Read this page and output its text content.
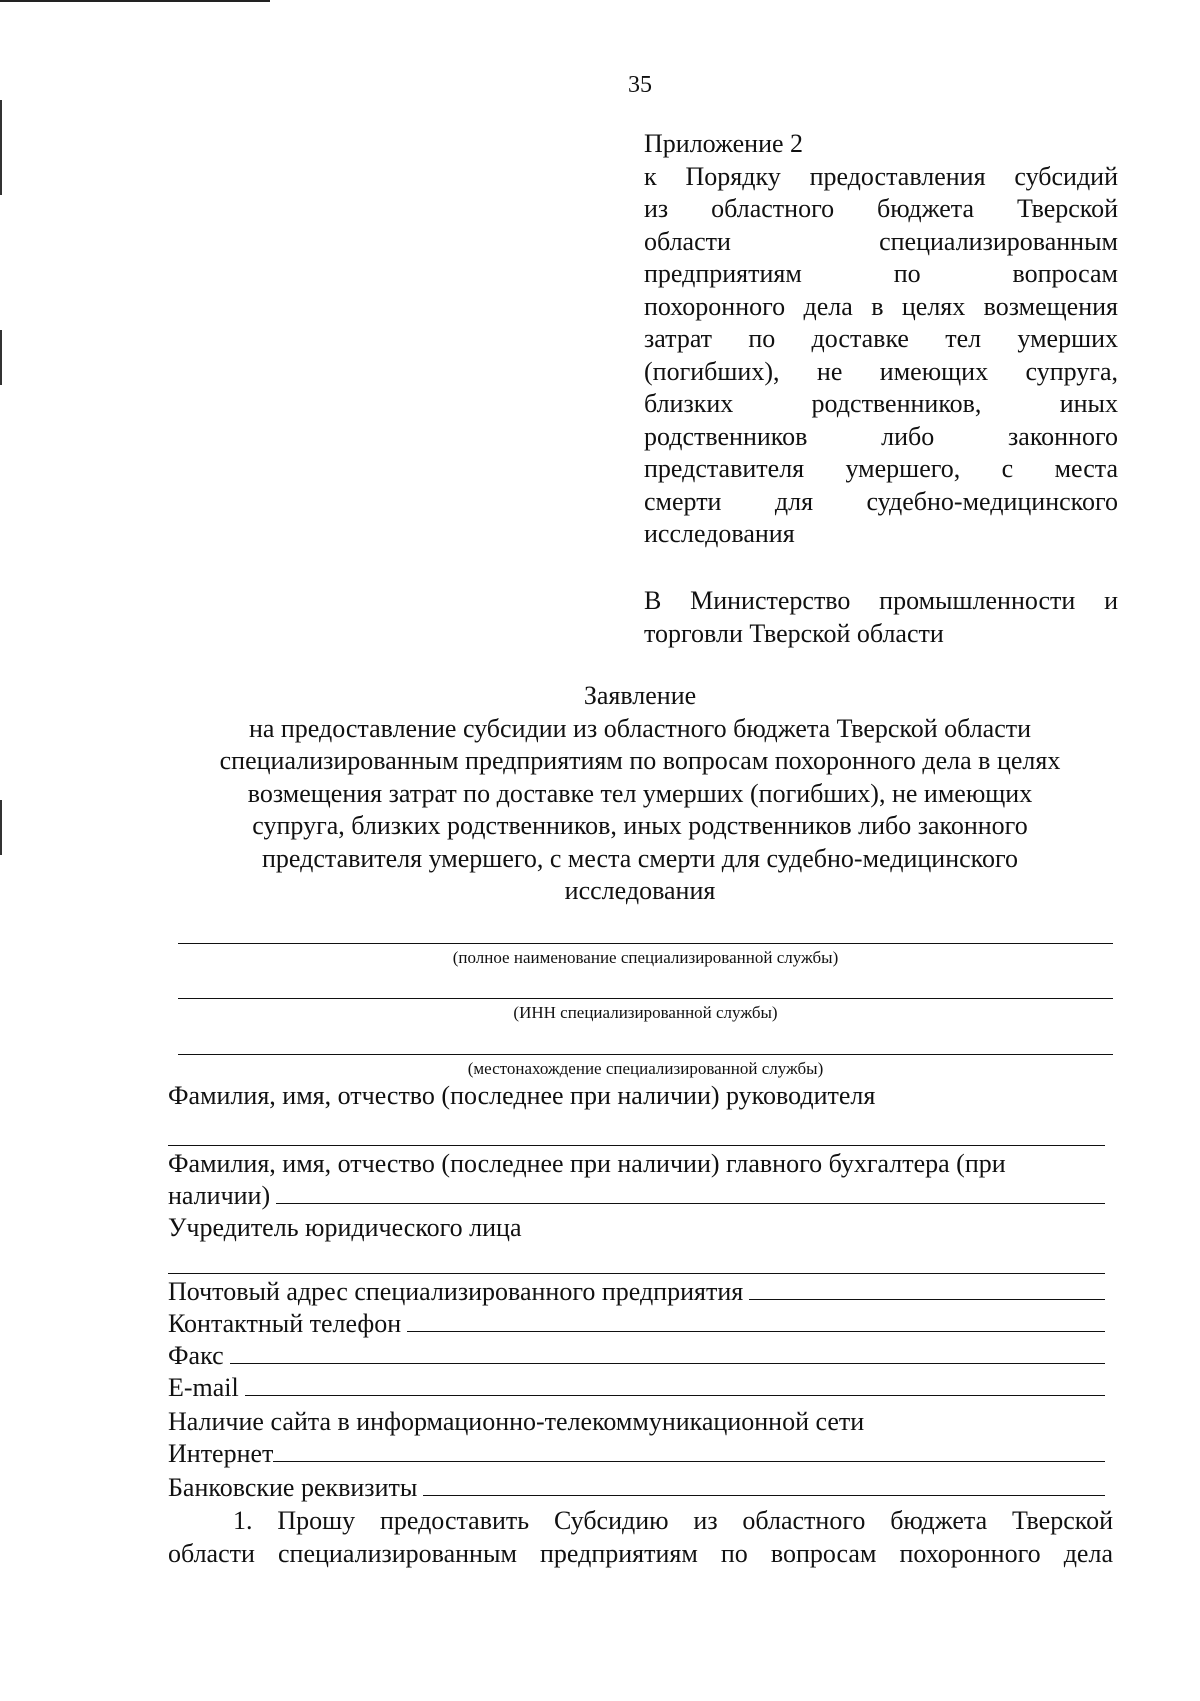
35
Приложение 2
к Порядку предоставления субсидий
из областного бюджета Тверской
области специализированным
предприятиям по вопросам
похоронного дела в целях возмещения
затрат по доставке тел умерших
(погибших), не имеющих супруга,
близких родственников, иных
родственников либо законного
представителя умершего, с места
смерти для судебно-медицинского
исследования
В Министерство промышленности и
торговли Тверской области
Заявление
на предоставление субсидии из областного бюджета Тверской области
специализированным предприятиям по вопросам похоронного дела в целях
возмещения затрат по доставке тел умерших (погибших), не имеющих
супруга, близких родственников, иных родственников либо законного
представителя умершего, с места смерти для судебно-медицинского
исследования
(полное наименование специализированной службы)
(ИНН специализированной службы)
(местонахождение специализированной службы)
Фамилия, имя, отчество (последнее при наличии) руководителя
Фамилия, имя, отчество (последнее при наличии) главного бухгалтера (при
наличии)
Учредитель юридического лица
Почтовый адрес специализированного предприятия
Контактный телефон
Факс
E-mail
Наличие сайта в информационно-телекоммуникационной сети
Интернет
Банковские реквизиты
1. Прошу предоставить Субсидию из областного бюджета Тверской
области специализированным предприятиям по вопросам похоронного дела
